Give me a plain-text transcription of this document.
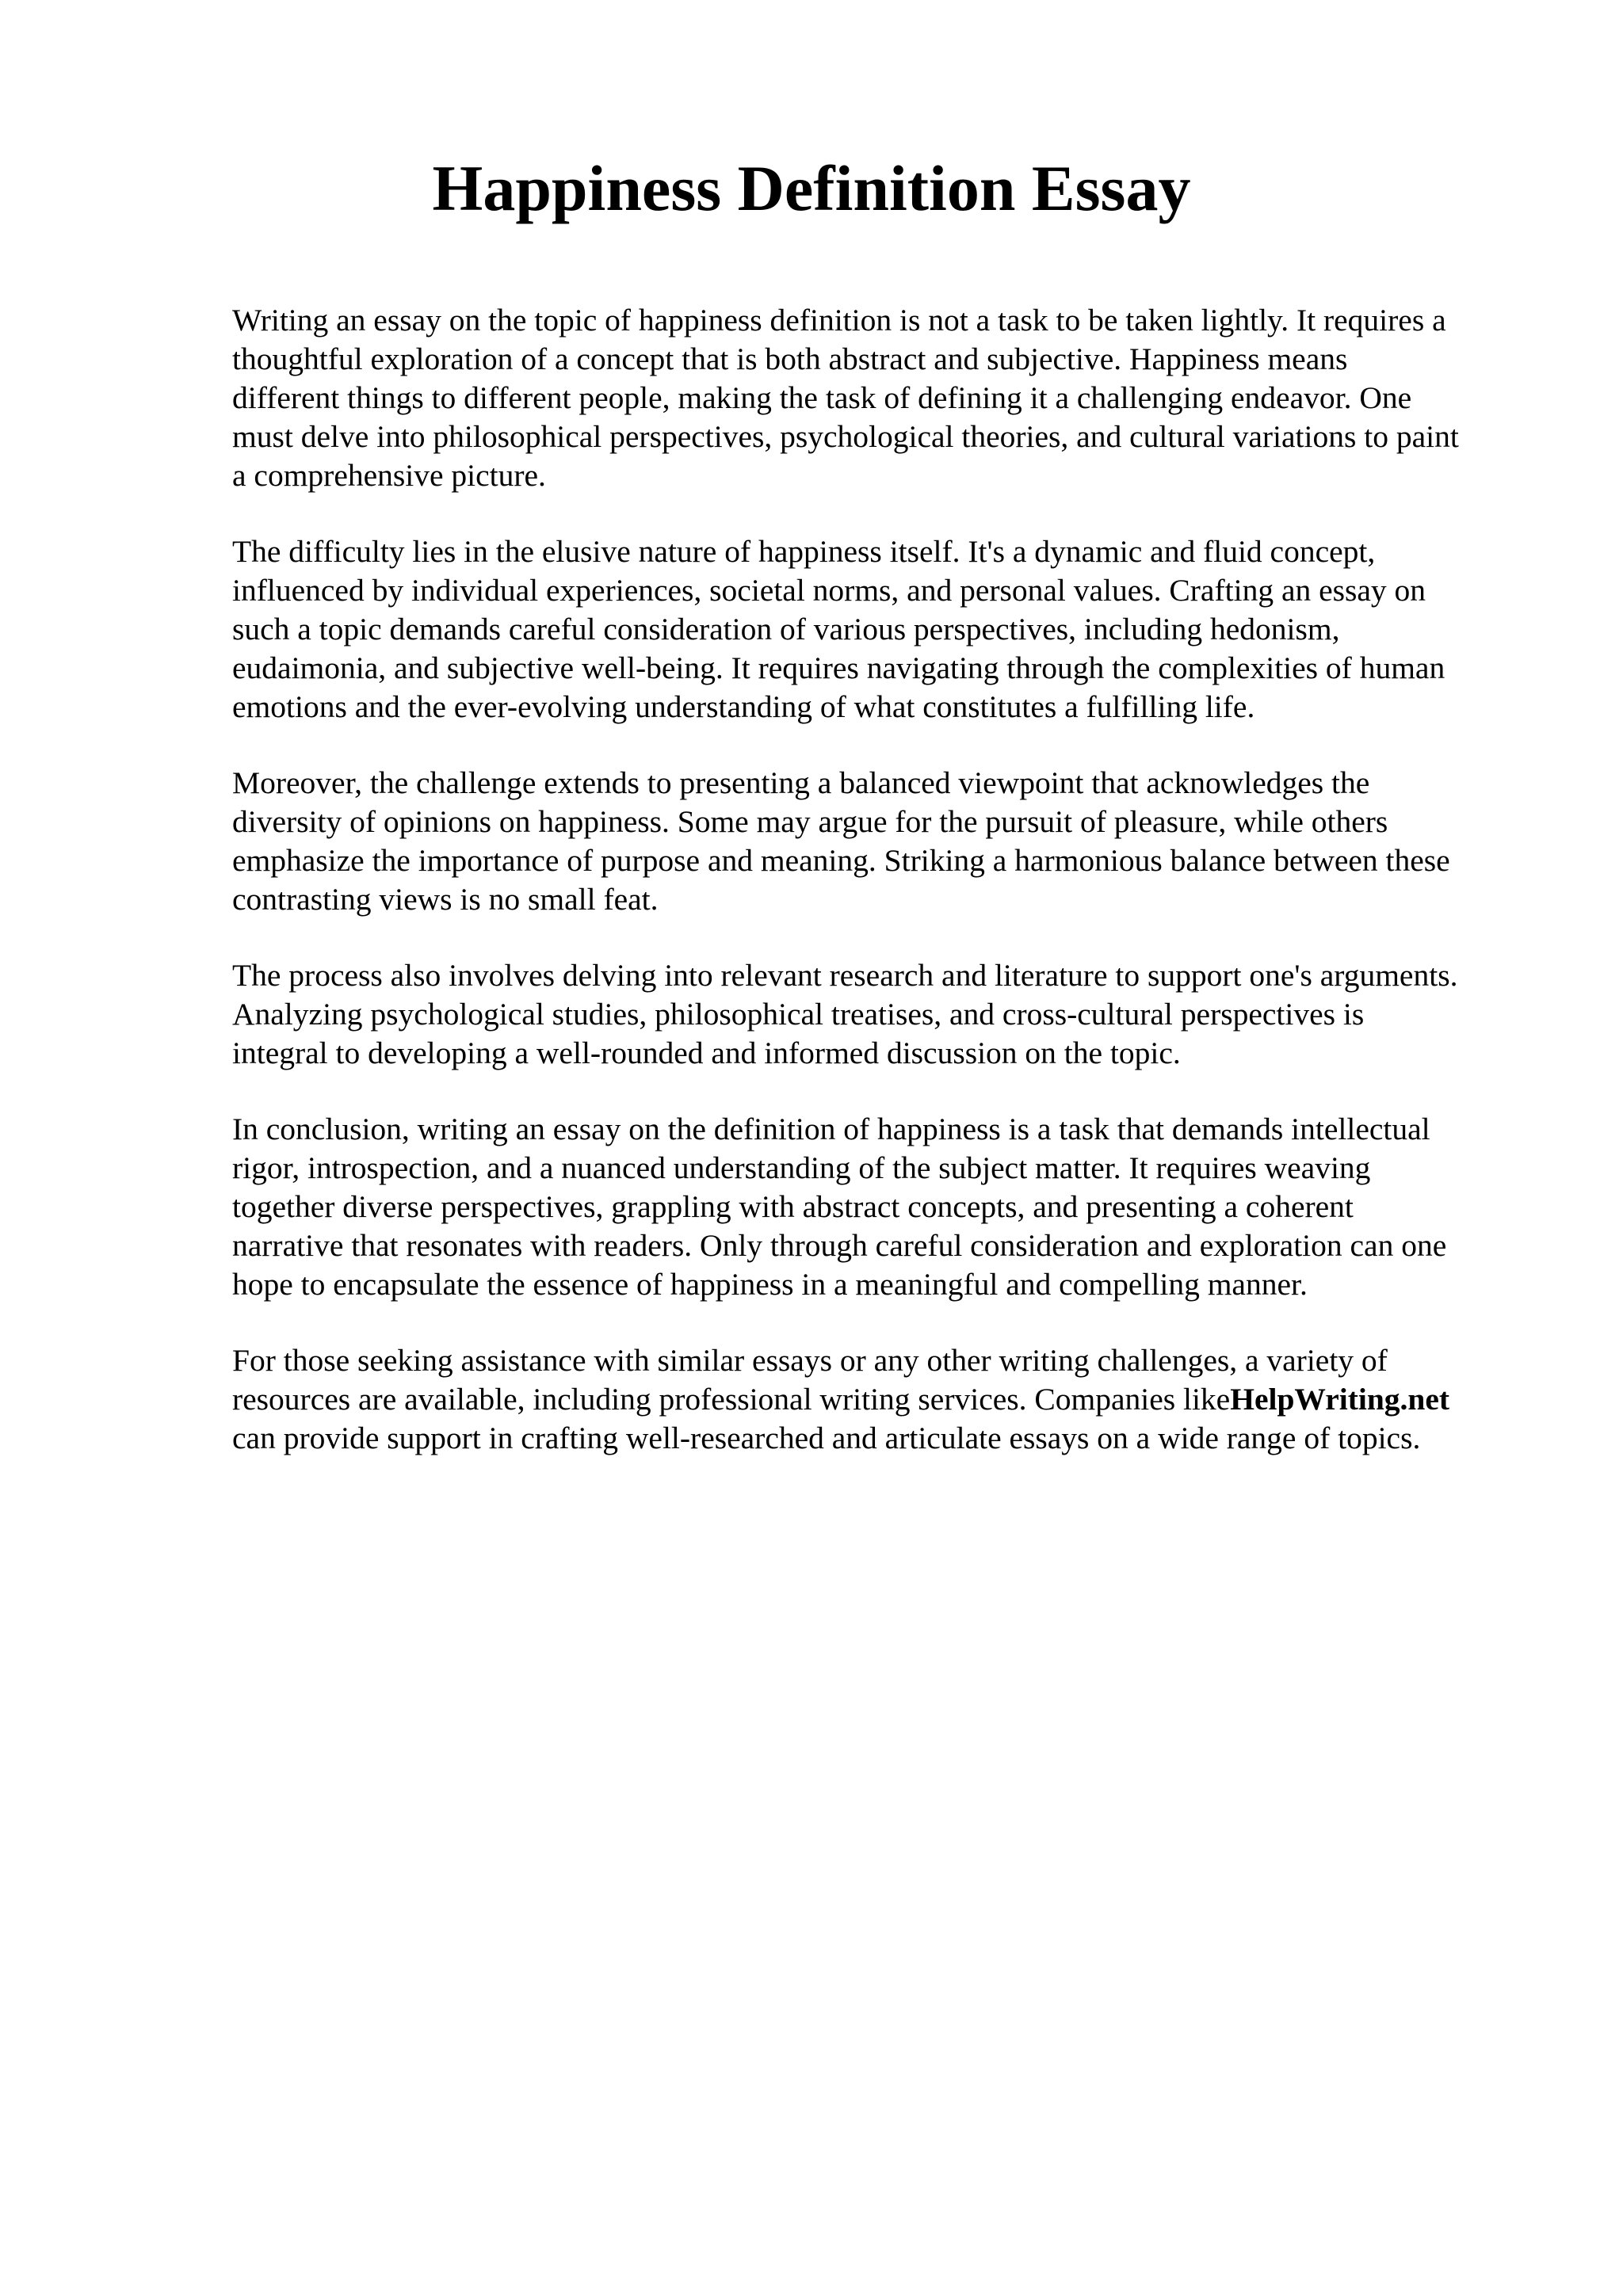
Happiness Definition Essay

Writing an essay on the topic of happiness definition is not a task to be taken lightly. It requires a
thoughtful exploration of a concept that is both abstract and subjective. Happiness means
different things to different people, making the task of defining it a challenging endeavor. One
must delve into philosophical perspectives, psychological theories, and cultural variations to paint
a comprehensive picture.

The difficulty lies in the elusive nature of happiness itself. It's a dynamic and fluid concept,
influenced by individual experiences, societal norms, and personal values. Crafting an essay on
such a topic demands careful consideration of various perspectives, including hedonism,
eudaimonia, and subjective well-being. It requires navigating through the complexities of human
emotions and the ever-evolving understanding of what constitutes a fulfilling life.

Moreover, the challenge extends to presenting a balanced viewpoint that acknowledges the
diversity of opinions on happiness. Some may argue for the pursuit of pleasure, while others
emphasize the importance of purpose and meaning. Striking a harmonious balance between these
contrasting views is no small feat.

The process also involves delving into relevant research and literature to support one's arguments.
Analyzing psychological studies, philosophical treatises, and cross-cultural perspectives is
integral to developing a well-rounded and informed discussion on the topic.

In conclusion, writing an essay on the definition of happiness is a task that demands intellectual
rigor, introspection, and a nuanced understanding of the subject matter. It requires weaving
together diverse perspectives, grappling with abstract concepts, and presenting a coherent
narrative that resonates with readers. Only through careful consideration and exploration can one
hope to encapsulate the essence of happiness in a meaningful and compelling manner.

For those seeking assistance with similar essays or any other writing challenges, a variety of
resources are available, including professional writing services. Companies likeHelpWriting.net
can provide support in crafting well-researched and articulate essays on a wide range of topics.
